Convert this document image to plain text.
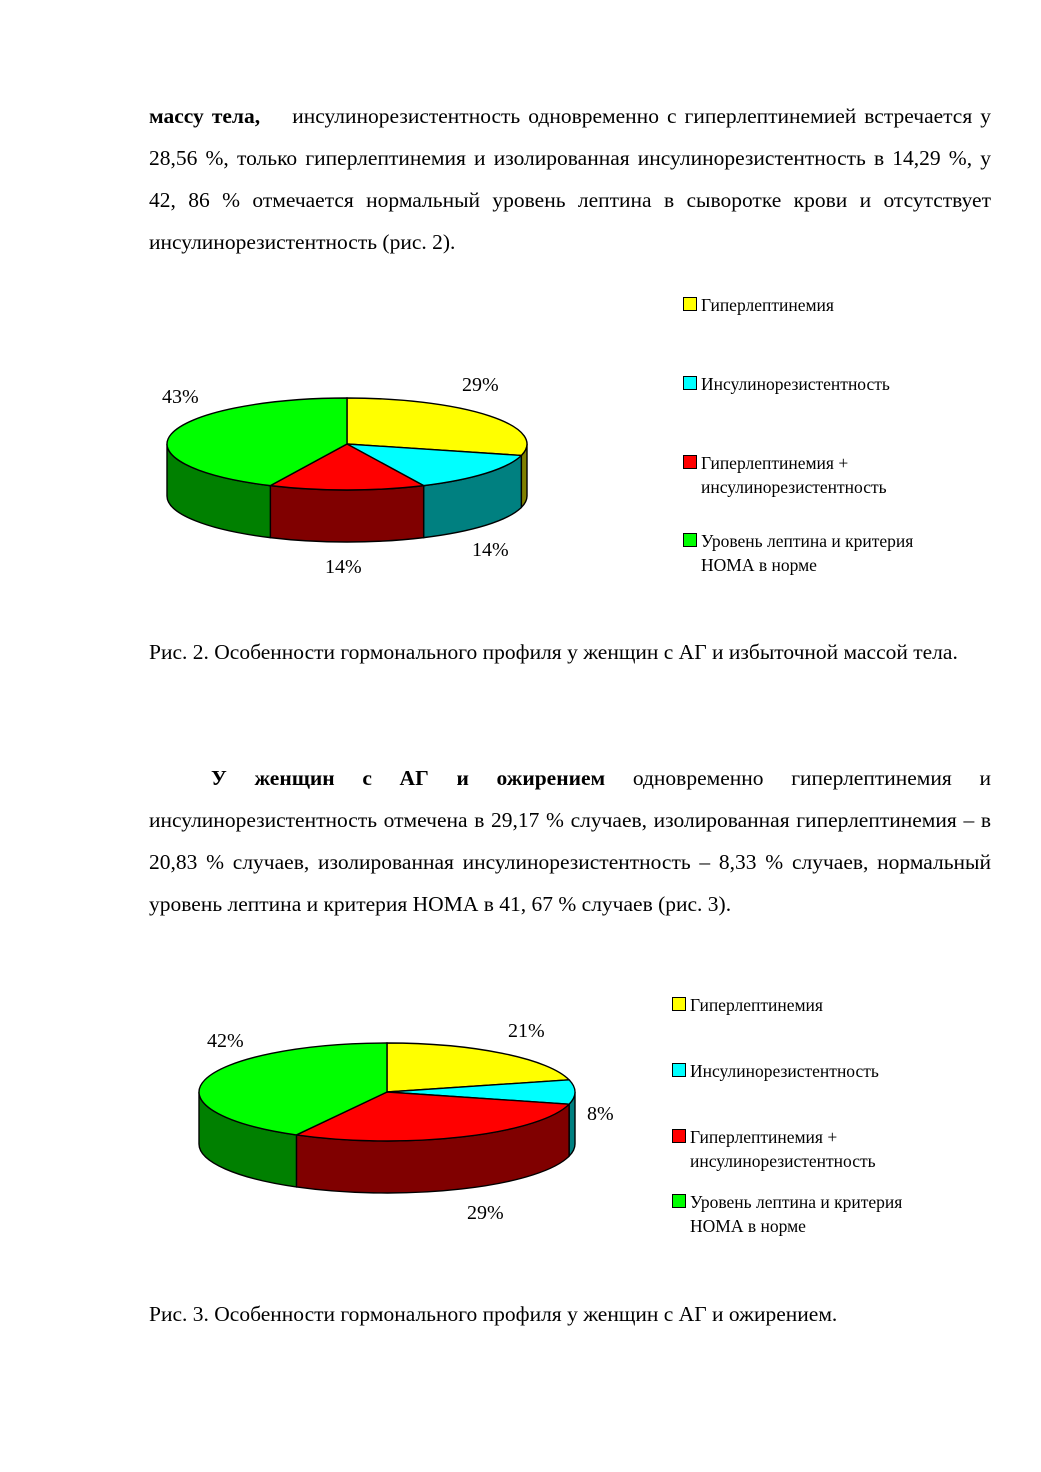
массу тела, инсулинорезистентность одновременно с гиперлептинемией встречается у 28,56 %, только гиперлептинемия и изолированная инсулинорезистентность в 14,29 %, у 42, 86 % отмечается нормальный уровень лептина в сыворотке крови и отсутствует инсулинорезистентность (рис. 2).

29%
14%
14%
43%
Гиперлептинемия
Инсулинорезистентность
Гиперлептинемия + инсулинорезистентность
Уровень лептина и критерия НОМА в норме

Рис. 2. Особенности гормонального профиля у женщин с АГ и избыточной массой тела.

У женщин с АГ и ожирением одновременно гиперлептинемия и инсулинорезистентность отмечена в 29,17 % случаев, изолированная гиперлептинемия – в 20,83 % случаев, изолированная инсулинорезистентность – 8,33 % случаев, нормальный уровень лептина и критерия НОМА в 41, 67 % случаев (рис. 3).

21%
8%
29%
42%
Гиперлептинемия
Инсулинорезистентность
Гиперлептинемия + инсулинорезистентность
Уровень лептина и критерия НОМА в норме

Рис. 3. Особенности гормонального профиля у женщин с АГ и ожирением.
